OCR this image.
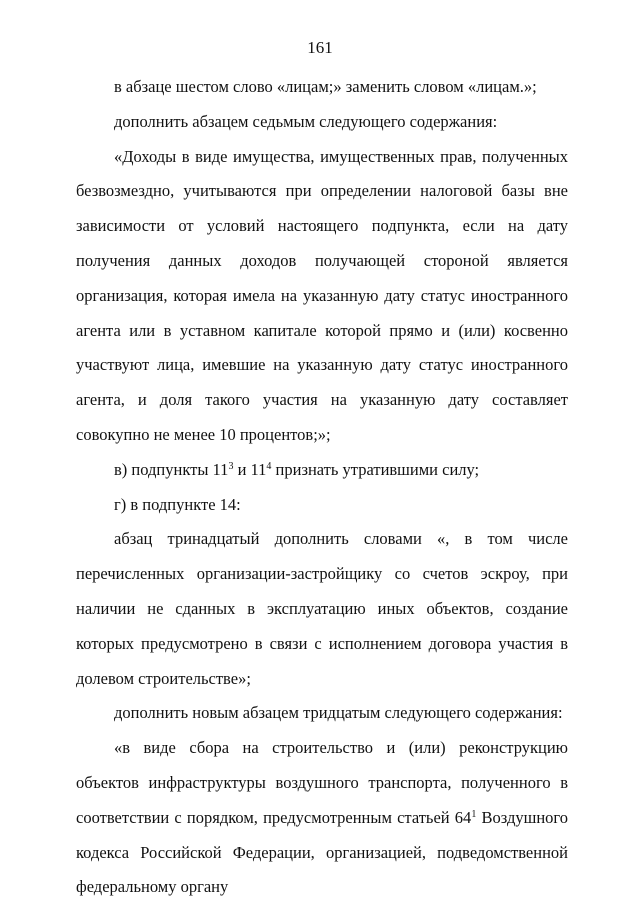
161

в абзаце шестом слово «лицам;» заменить словом «лицам.»;

дополнить абзацем седьмым следующего содержания:

«Доходы в виде имущества, имущественных прав, полученных безвозмездно, учитываются при определении налоговой базы вне зависимости от условий настоящего подпункта, если на дату получения данных доходов получающей стороной является организация, которая имела на указанную дату статус иностранного агента или в уставном капитале которой прямо и (или) косвенно участвуют лица, имевшие на указанную дату статус иностранного агента, и доля такого участия на указанную дату составляет совокупно не менее 10 процентов;»;

в) подпункты $11^3$ и $11^4$ признать утратившими силу;

г) в подпункте 14:

абзац тринадцатый дополнить словами «, в том числе перечисленных организации-застройщику со счетов эскроу, при наличии не сданных в эксплуатацию иных объектов, создание которых предусмотрено в связи с исполнением договора участия в долевом строительстве»;

дополнить новым абзацем тридцатым следующего содержания:

«в виде сбора на строительство и (или) реконструкцию объектов инфраструктуры воздушного транспорта, полученного в соответствии с порядком, предусмотренным статьей $64^1$ Воздушного кодекса Российской Федерации, организацией, подведомственной федеральному органу
